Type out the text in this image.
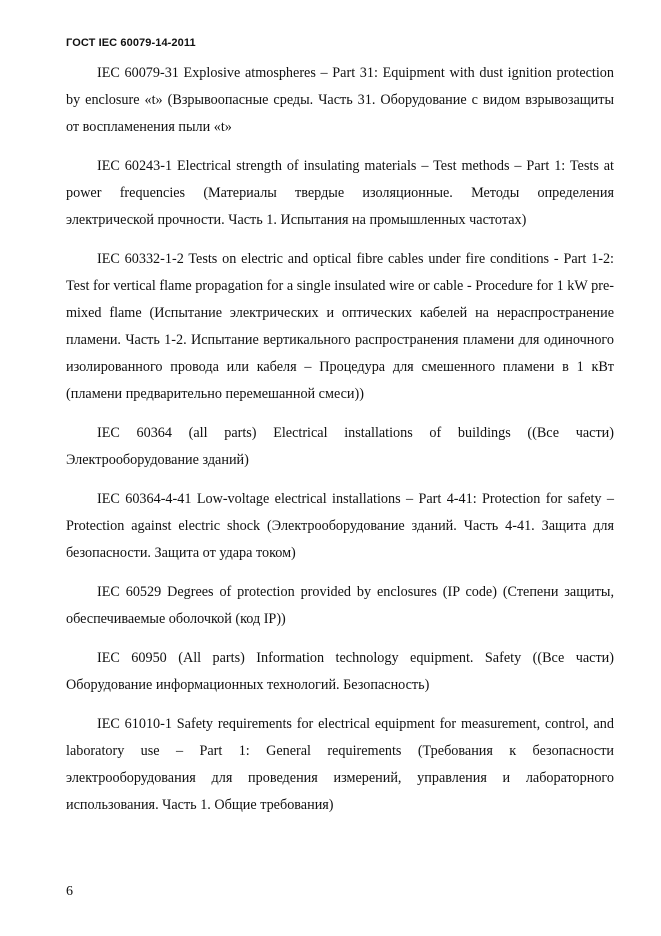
ГОСТ IEC 60079-14-2011

IEC 60079-31 Explosive atmospheres – Part 31: Equipment with dust ignition protection by enclosure «t» (Взрывоопасные среды. Часть 31. Оборудование с видом взрывозащиты от воспламенения пыли «t»

IEC 60243-1 Electrical strength of insulating materials – Test methods – Part 1: Tests at power frequencies (Материалы твердые изоляционные. Методы определения электрической прочности. Часть 1. Испытания на промышленных частотах)

IEC 60332-1-2 Tests on electric and optical fibre cables under fire conditions - Part 1-2: Test for vertical flame propagation for a single insulated wire or cable - Procedure for 1 kW pre-mixed flame (Испытание электрических и оптических кабелей на нераспространение пламени. Часть 1-2. Испытание вертикального распространения пламени для одиночного изолированного провода или кабеля – Процедура для смешенного пламени в 1 кВт (пламени предварительно перемешанной смеси))

IEC 60364 (all parts) Electrical installations of buildings ((Все части) Электрооборудование зданий)

IEC 60364-4-41 Low-voltage electrical installations – Part 4-41: Protection for safety – Protection against electric shock (Электрооборудование зданий. Часть 4-41. Защита для безопасности. Защита от удара током)

IEC 60529 Degrees of protection provided by enclosures (IP code) (Степени защиты, обеспечиваемые оболочкой (код IP))

IEC 60950 (All parts) Information technology equipment. Safety ((Все части) Оборудование информационных технологий. Безопасность)

IEC 61010-1 Safety requirements for electrical equipment for measurement, control, and laboratory use – Part 1: General requirements (Требования к безопасности электрооборудования для проведения измерений, управления и лабораторного использования. Часть 1. Общие требования)

6
